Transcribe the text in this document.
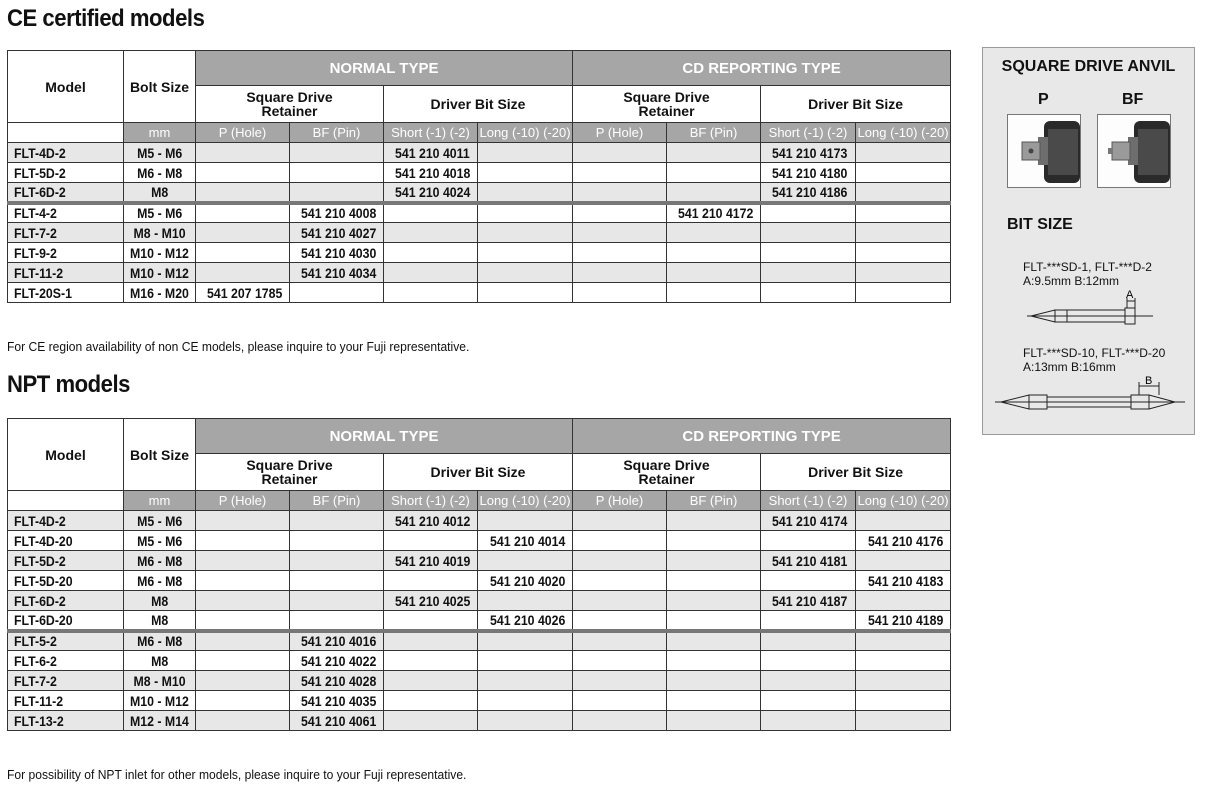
CE certified models
Model	Bolt Size	NORMAL TYPE				CD REPORTING TYPE			
		Square Drive
Retainer		Driver Bit Size		Square Drive
Retainer		Driver Bit Size	
	mm	P (Hole)	BF (Pin)	Short (-1) (-2)	Long (-10) (-20)	P (Hole)	BF (Pin)	Short (-1) (-2)	Long (-10) (-20)
FLT-4D-2	M5 - M6			541 210 4011				541 210 4173	
FLT-5D-2	M6 - M8			541 210 4018				541 210 4180	
FLT-6D-2	M8			541 210 4024				541 210 4186	
FLT-4-2	M5 - M6		541 210 4008				541 210 4172		
FLT-7-2	M8 - M10		541 210 4027						
FLT-9-2	M10 - M12		541 210 4030						
FLT-11-2	M10 - M12		541 210 4034						
FLT-20S-1	M16 - M20	541 207 1785							
For CE region availability of non CE models, please inquire to your Fuji representative.
NPT models
Model	Bolt Size	NORMAL TYPE				CD REPORTING TYPE			
		Square Drive
Retainer		Driver Bit Size		Square Drive
Retainer		Driver Bit Size	
	mm	P (Hole)	BF (Pin)	Short (-1) (-2)	Long (-10) (-20)	P (Hole)	BF (Pin)	Short (-1) (-2)	Long (-10) (-20)
FLT-4D-2	M5 - M6			541 210 4012				541 210 4174	
FLT-4D-20	M5 - M6				541 210 4014				541 210 4176
FLT-5D-2	M6 - M8			541 210 4019				541 210 4181	
FLT-5D-20	M6 - M8				541 210 4020				541 210 4183
FLT-6D-2	M8			541 210 4025				541 210 4187	
FLT-6D-20	M8				541 210 4026				541 210 4189
FLT-5-2	M6 - M8		541 210 4016						
FLT-6-2	M8		541 210 4022						
FLT-7-2	M8 - M10		541 210 4028						
FLT-11-2	M10 - M12		541 210 4035						
FLT-13-2	M12 - M14		541 210 4061						
For possibility of NPT inlet for other models, please inquire to your Fuji representative.
SQUARE DRIVE ANVIL
P	BF
BIT SIZE
FLT-***SD-1, FLT-***D-2
A:9.5mm B:12mm
A
FLT-***SD-10, FLT-***D-20
A:13mm B:16mm
B
